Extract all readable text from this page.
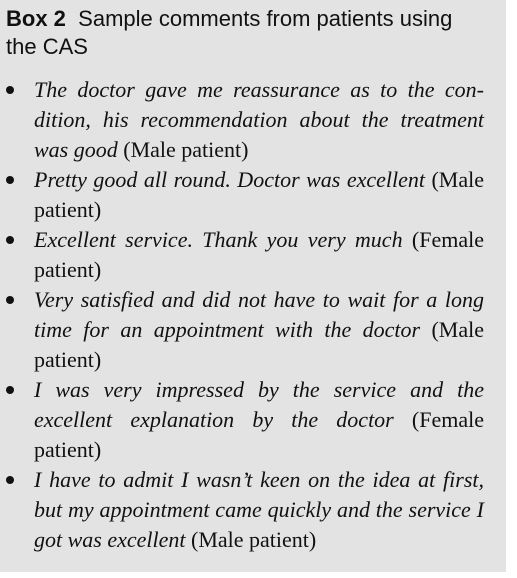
Box 2 Sample comments from patients using the CAS
The doctor gave me reassurance as to the condition, his recommendation about the treatment was good (Male patient)
Pretty good all round. Doctor was excellent (Male patient)
Excellent service. Thank you very much (Female patient)
Very satisfied and did not have to wait for a long time for an appointment with the doctor (Male patient)
I was very impressed by the service and the excellent explanation by the doctor (Female patient)
I have to admit I wasn’t keen on the idea at first, but my appointment came quickly and the service I got was excellent (Male patient)
